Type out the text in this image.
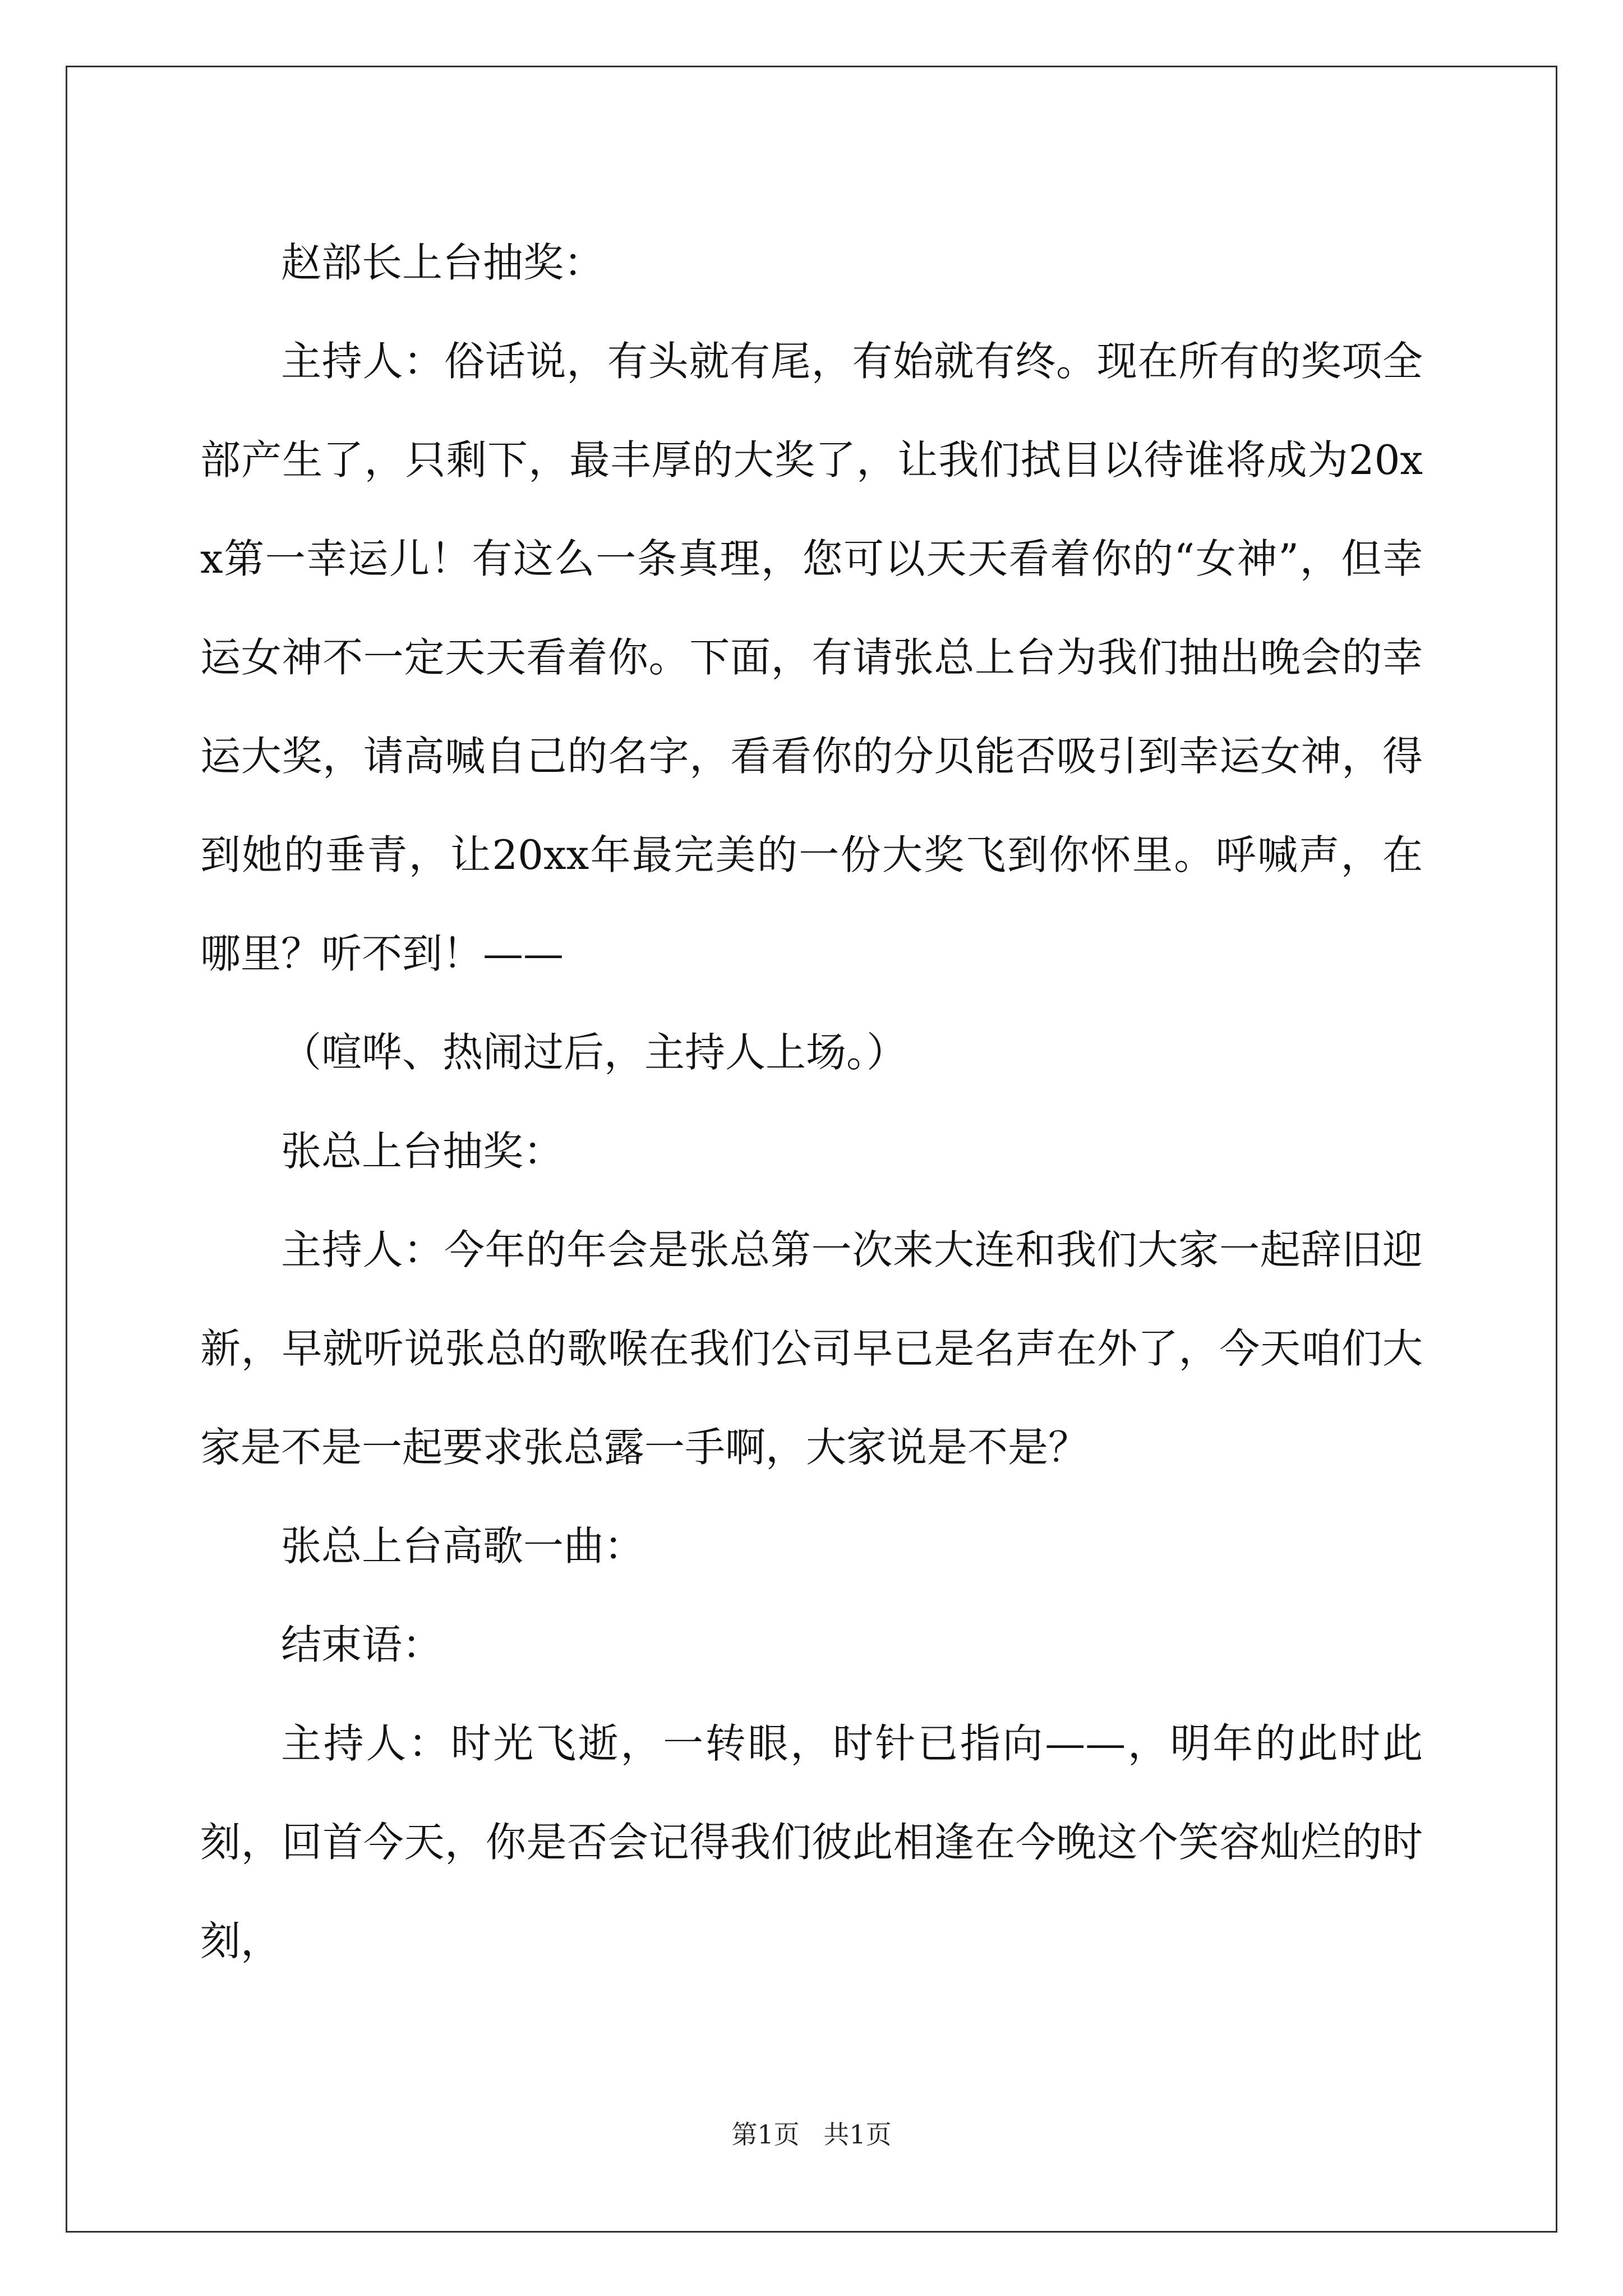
赵部长上台抽奖：

主持人：俗话说，有头就有尾，有始就有终。现在所有的奖项全部产生了，只剩下，最丰厚的大奖了，让我们拭目以待谁将成为20xx第一幸运儿！有这么一条真理，您可以天天看着你的“女神”，但幸运女神不一定天天看着你。下面，有请张总上台为我们抽出晚会的幸运大奖，请高喊自己的名字，看看你的分贝能否吸引到幸运女神，得到她的垂青，让20xx年最完美的一份大奖飞到你怀里。呼喊声，在哪里？听不到！——

（喧哗、热闹过后，主持人上场。）

张总上台抽奖：

主持人：今年的年会是张总第一次来大连和我们大家一起辞旧迎新，早就听说张总的歌喉在我们公司早已是名声在外了，今天咱们大家是不是一起要求张总露一手啊，大家说是不是？

张总上台高歌一曲：

结束语：

主持人：时光飞逝，一转眼，时针已指向——，明年的此时此刻，回首今天，你是否会记得我们彼此相逢在今晚这个笑容灿烂的时刻，

第1页 共1页
